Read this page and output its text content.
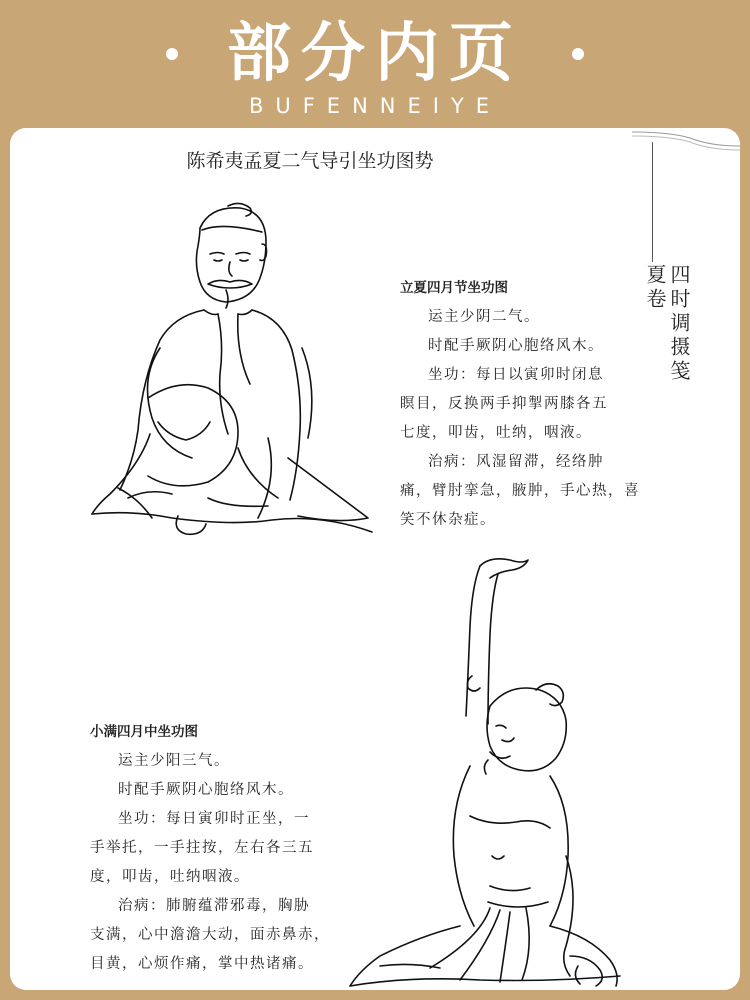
部分内页
BUFENNEIYE
陈希夷孟夏二气导引坐功图势
四时调摄笺
夏卷
立夏四月节坐功图
运主少阴二气。
时配手厥阴心胞络风木。
坐功：每日以寅卯时闭息
瞑目，反换两手抑掣两膝各五
七度，叩齿，吐纳，咽液。
治病：风湿留滞，经络肿
痛，臂肘挛急，腋肿，手心热，喜
笑不休杂症。
小满四月中坐功图
运主少阳三气。
时配手厥阴心胞络风木。
坐功：每日寅卯时正坐，一
手举托，一手拄按，左右各三五
度，叩齿，吐纳咽液。
治病：肺腑蕴滞邪毒，胸胁
支满，心中澹澹大动，面赤鼻赤，
目黄，心烦作痛，掌中热诸痛。
